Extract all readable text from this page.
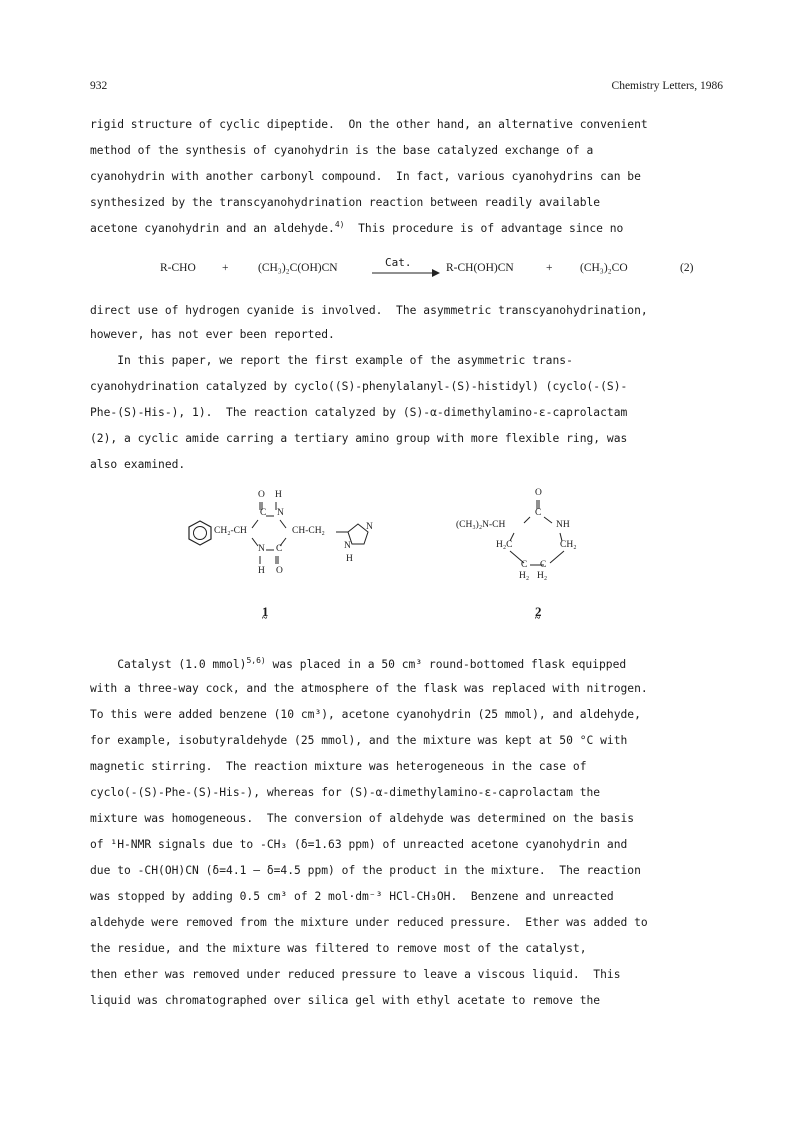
932	Chemistry Letters, 1986
rigid structure of cyclic dipeptide.  On the other hand, an alternative convenient
method of the synthesis of cyanohydrin is the base catalyzed exchange of a
cyanohydrin with another carbonyl compound.  In fact, various cyanohydrins can be
synthesized by the transcyanohydrination reaction between readily available
acetone cyanohydrin and an aldehyde.$^{4)}$  This procedure is of advantage since no
R-CHO +	(CH₃)₂C(OH)CN	Cat.	R-CH(OH)CN	+ (CH₃)₂CO	(2)
direct use of hydrogen cyanide is involved.  The asymmetric transcyanohydrination,
however, has not ever been reported.
In this paper, we report the first example of the asymmetric trans-
cyanohydrination catalyzed by cyclo((S)-phenylalanyl-(S)-histidyl) (cyclo(-(S)-
Phe-(S)-His-), 1).  The reaction catalyzed by (S)-α-dimethylamino-ε-caprolactam
(2), a cyclic amide carring a tertiary amino group with more flexible ring, was
also examined.
O H
C N
CH₂-CH	CH-CH₂	N
N
H
N C
H O
O
C
(CH₃)₂N-CH	NH
H₂C	CH₂
C C
H₂ H₂
1 ~	2 ~
Catalyst (1.0 mmol)$^{5,6)}$ was placed in a 50 cm³ round-bottomed flask equipped
with a three-way cock, and the atmosphere of the flask was replaced with nitrogen.
To this were added benzene (10 cm³), acetone cyanohydrin (25 mmol), and aldehyde,
for example, isobutyraldehyde (25 mmol), and the mixture was kept at 50 °C with
magnetic stirring.  The reaction mixture was heterogeneous in the case of
cyclo(-(S)-Phe-(S)-His-), whereas for (S)-α-dimethylamino-ε-caprolactam the
mixture was homogeneous.  The conversion of aldehyde was determined on the basis
of ¹H-NMR signals due to -CH₃ (δ=1.63 ppm) of unreacted acetone cyanohydrin and
due to -CH(OH)CN (δ=4.1 — δ=4.5 ppm) of the product in the mixture.  The reaction
was stopped by adding 0.5 cm³ of 2 mol·dm⁻³ HCl-CH₃OH.  Benzene and unreacted
aldehyde were removed from the mixture under reduced pressure.  Ether was added to
the residue, and the mixture was filtered to remove most of the catalyst,
then ether was removed under reduced pressure to leave a viscous liquid.  This
liquid was chromatographed over silica gel with ethyl acetate to remove the
